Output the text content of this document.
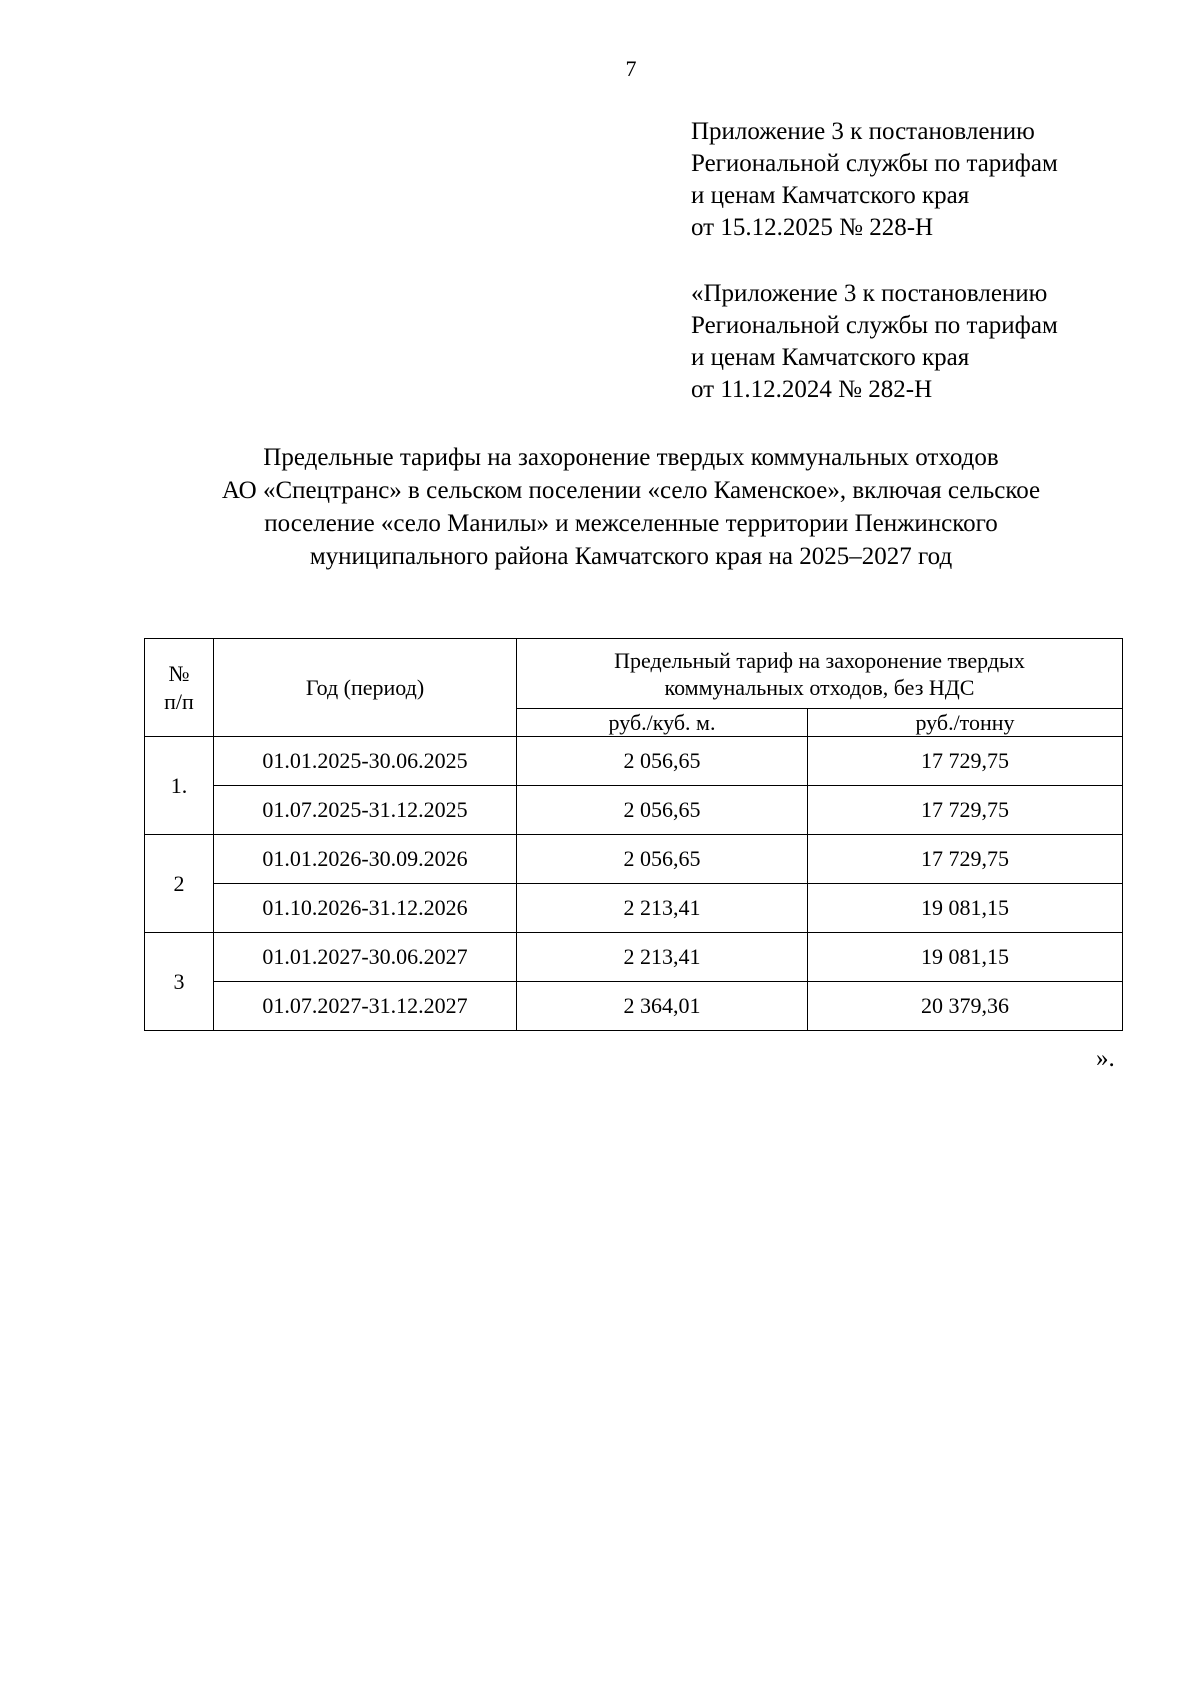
7
Приложение 3 к постановлению
Региональной службы по тарифам
и ценам Камчатского края
от 15.12.2025 № 228-Н
«Приложение 3 к постановлению
Региональной службы по тарифам
и ценам Камчатского края
от 11.12.2024 № 282-Н
Предельные тарифы на захоронение твердых коммунальных отходов
АО «Спецтранс» в сельском поселении «село Каменское», включая сельское
поселение «село Манилы» и межселенные территории Пенжинского
муниципального района Камчатского края на 2025–2027 год
№
п/п	Год (период)	Предельный тариф на захоронение твердых
коммунальных отходов, без НДС	
		руб./куб. м.	руб./тонну
1.	01.01.2025-30.06.2025	2 056,65	17 729,75
	01.07.2025-31.12.2025	2 056,65	17 729,75
2	01.01.2026-30.09.2026	2 056,65	17 729,75
	01.10.2026-31.12.2026	2 213,41	19 081,15
3	01.01.2027-30.06.2027	2 213,41	19 081,15
	01.07.2027-31.12.2027	2 364,01	20 379,36
».
